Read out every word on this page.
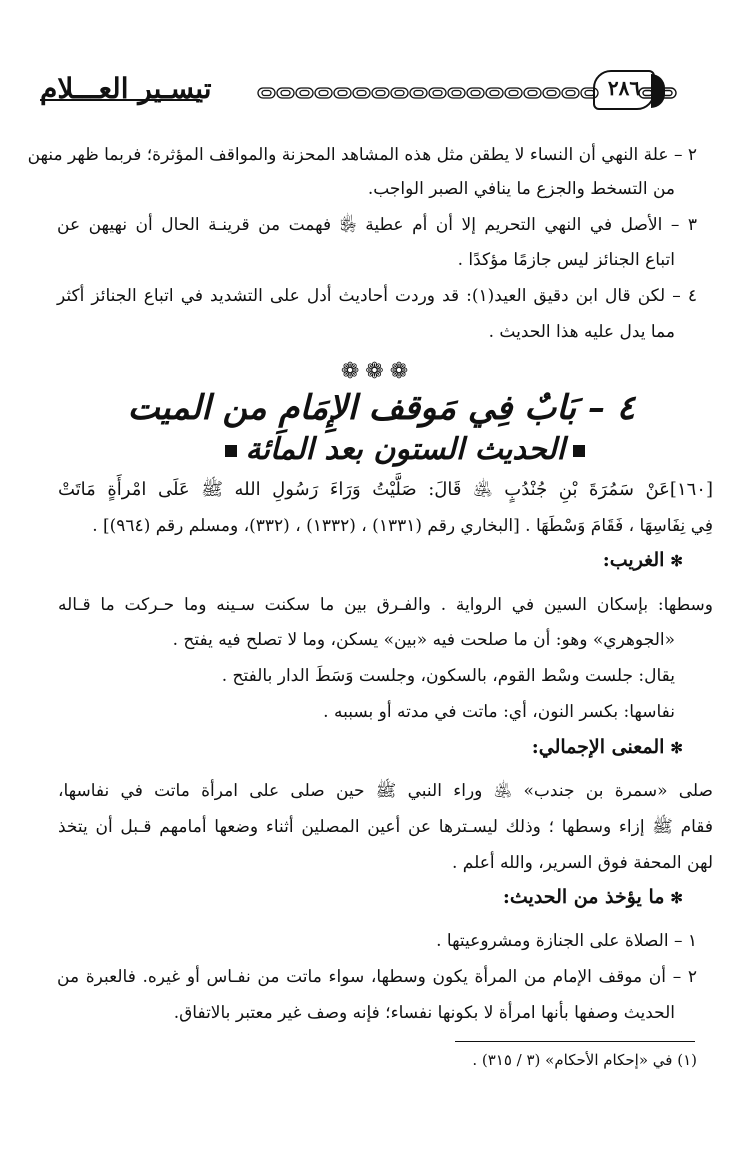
٢٨٦
تيسـير العـــلام
٢ – علة النهي أن النساء لا يطقن مثل هذه المشاهد المحزنة والمواقف المؤثرة؛ فربما ظهر منهن
من التسخط والجزع ما ينافي الصبر الواجب.
٣ – الأصل في النهي التحريم إلا أن أم عطية ﵂ فهمت من قرينـة الحال أن نهيهن عن
اتباع الجنائز ليس جازمًا مؤكدًا .
٤ – لكن قال ابن دقيق العيد(١): قد وردت أحاديث أدل على التشديد في اتباع الجنائز أكثر
مما يدل عليه هذا الحديث .
❁❁❁
٤ – بَابٌ فِي مَوقف الإِمَامِ من الميت
الحديث الستون بعد المائة
[١٦٠]عَنْ سَمُرَةَ بْنِ جُنْدُبٍ ﵁ قَالَ: صَلَّيْتُ وَرَاءَ رَسُولِ الله ﷺ عَلَى امْرأَةٍ مَاتَتْ
فِي نِفَاسِهَا ، فَقَامَ وَسْطَهَا . [البخاري رقم (١٣٣١) ، (١٣٣٢) ، (٣٣٢)، ومسلم رقم (٩٦٤)] .
✻الغريب:
وسطها: بإسكان السين في الرواية . والفـرق بين ما سكنت سـينه وما حـركت ما قـاله
«الجوهري» وهو: أن ما صلحت فيه «بين» يسكن، وما لا تصلح فيه يفتح .
يقال: جلست وسْط القوم، بالسكون، وجلست وَسَطَ الدار بالفتح .
نفاسها: بكسر النون، أي: ماتت في مدته أو بسببه .
✻المعنى الإجمالي:
صلى «سمرة بن جندب» ﵁ وراء النبي ﷺ حين صلى على امرأة ماتت في نفاسها،
فقام ﷺ إزاء وسطها ؛ وذلك ليسـترها عن أعين المصلين أثناء وضعها أمامهم قـبل أن يتخذ
لهن المحفة فوق السرير، والله أعلم .
✻ما يؤخذ من الحديث:
١ – الصلاة على الجنازة ومشروعيتها .
٢ – أن موقف الإمام من المرأة يكون وسطها، سواء ماتت من نفـاس أو غيره. فالعبرة من
الحديث وصفها بأنها امرأة لا بكونها نفساء؛ فإنه وصف غير معتبر بالاتفاق.
(١) في «إحكام الأحكام» (٣ / ٣١٥) .
